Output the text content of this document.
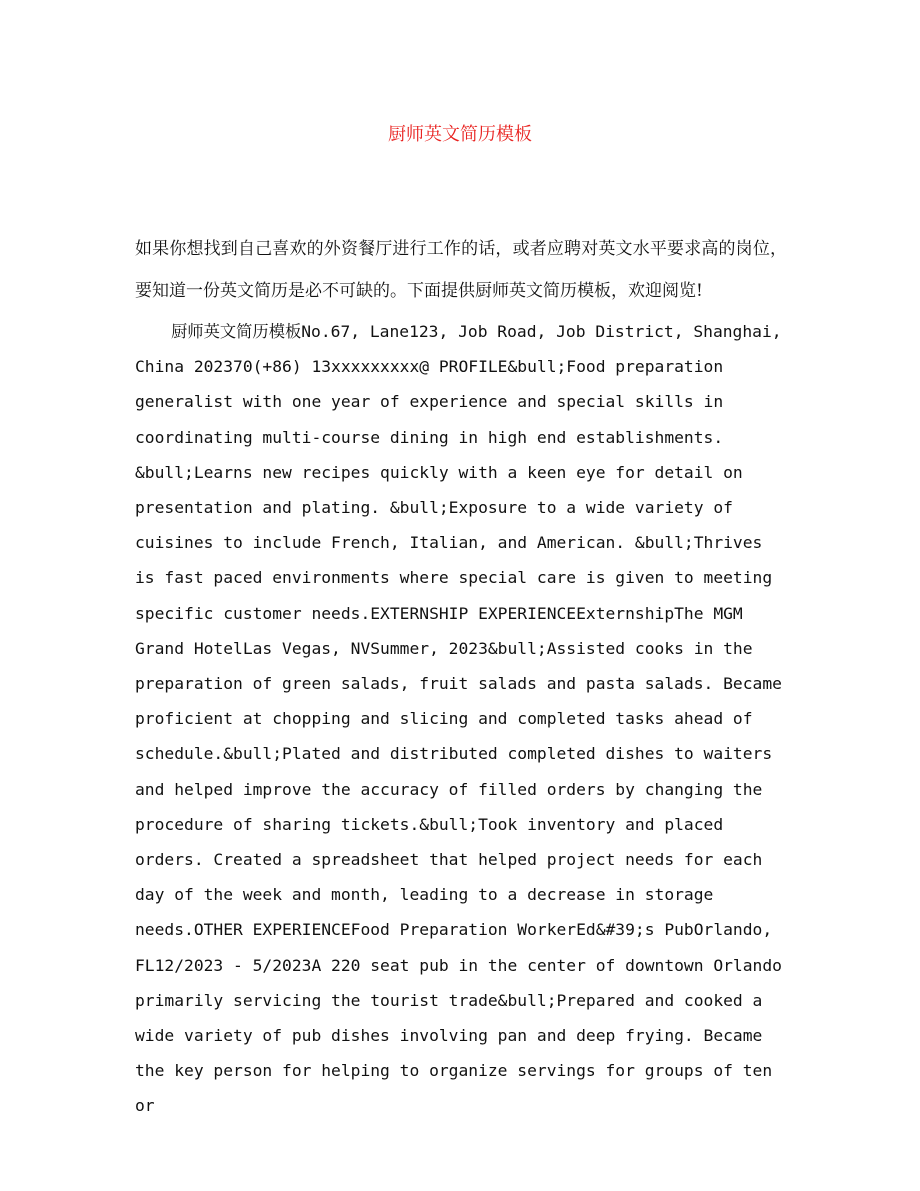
厨师英文简历模板

如果你想找到自己喜欢的外资餐厅进行工作的话，或者应聘对英文水平要求高的岗位，要知道一份英文简历是必不可缺的。下面提供厨师英文简历模板，欢迎阅览!

厨师英文简历模板No.67, Lane123, Job Road, Job District, Shanghai, China 202370(+86) 13xxxxxxxxx@ PROFILE&bull;Food preparation generalist with one year of experience and special skills in coordinating multi-course dining in high end establishments. &bull;Learns new recipes quickly with a keen eye for detail on presentation and plating. &bull;Exposure to a wide variety of cuisines to include French, Italian, and American. &bull;Thrives is fast paced environments where special care is given to meeting specific customer needs.EXTERNSHIP EXPERIENCEExternshipThe MGM Grand HotelLas Vegas, NVSummer, 2023&bull;Assisted cooks in the preparation of green salads, fruit salads and pasta salads. Became proficient at chopping and slicing and completed tasks ahead of schedule.&bull;Plated and distributed completed dishes to waiters and helped improve the accuracy of filled orders by changing the procedure of sharing tickets.&bull;Took inventory and placed orders. Created a spreadsheet that helped project needs for each day of the week and month, leading to a decrease in storage needs.OTHER EXPERIENCEFood Preparation WorkerEd&#39;s PubOrlando, FL12/2023 - 5/2023A 220 seat pub in the center of downtown Orlando primarily servicing the tourist trade&bull;Prepared and cooked a wide variety of pub dishes involving pan and deep frying. Became the key person for helping to organize servings for groups of ten or
